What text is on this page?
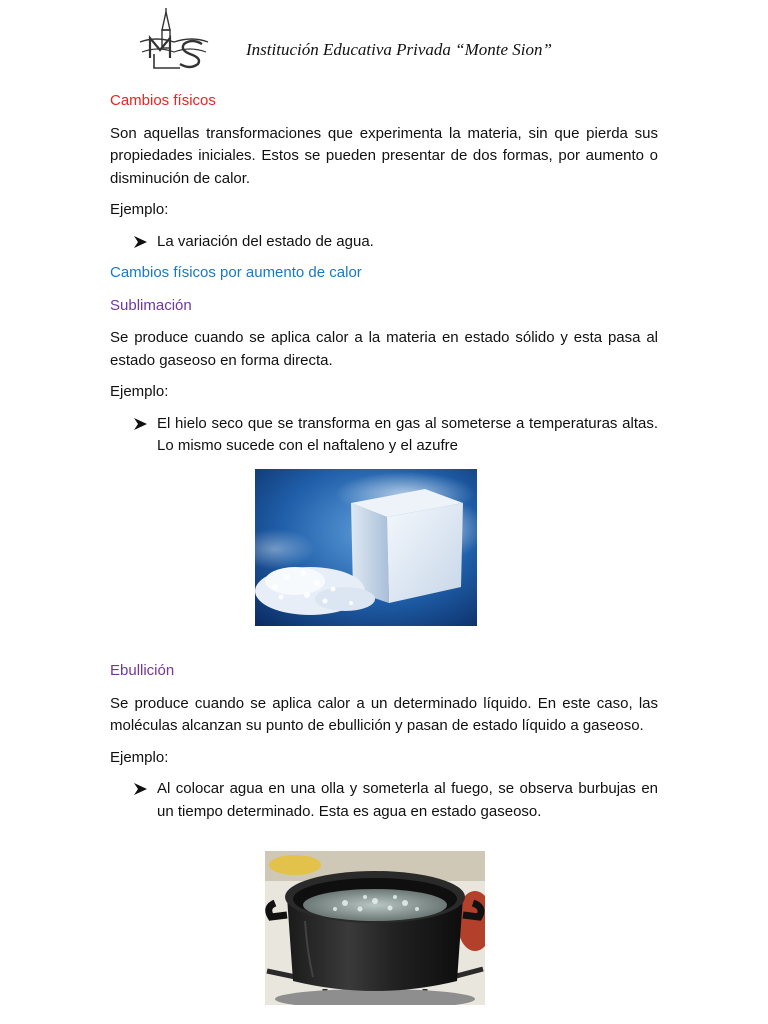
Institución Educativa Privada “Monte Sion”
Cambios físicos
Son aquellas transformaciones que experimenta la materia, sin que pierda sus propiedades iniciales. Estos se pueden presentar de dos formas, por aumento o disminución de calor.
Ejemplo:
La variación del estado de agua.
Cambios físicos por aumento de calor
Sublimación
Se produce cuando se aplica calor a la materia en estado sólido y esta pasa al estado gaseoso en forma directa.
Ejemplo:
El hielo seco que se transforma en gas al someterse a temperaturas altas. Lo mismo sucede con el naftaleno y el azufre
Ebullición
Se produce cuando se aplica calor a un determinado líquido. En este caso, las moléculas alcanzan su punto de ebullición y pasan de estado líquido a gaseoso.
Ejemplo:
Al colocar agua en una olla y someterla al fuego, se observa burbujas en un tiempo determinado. Esta es agua en estado gaseoso.
